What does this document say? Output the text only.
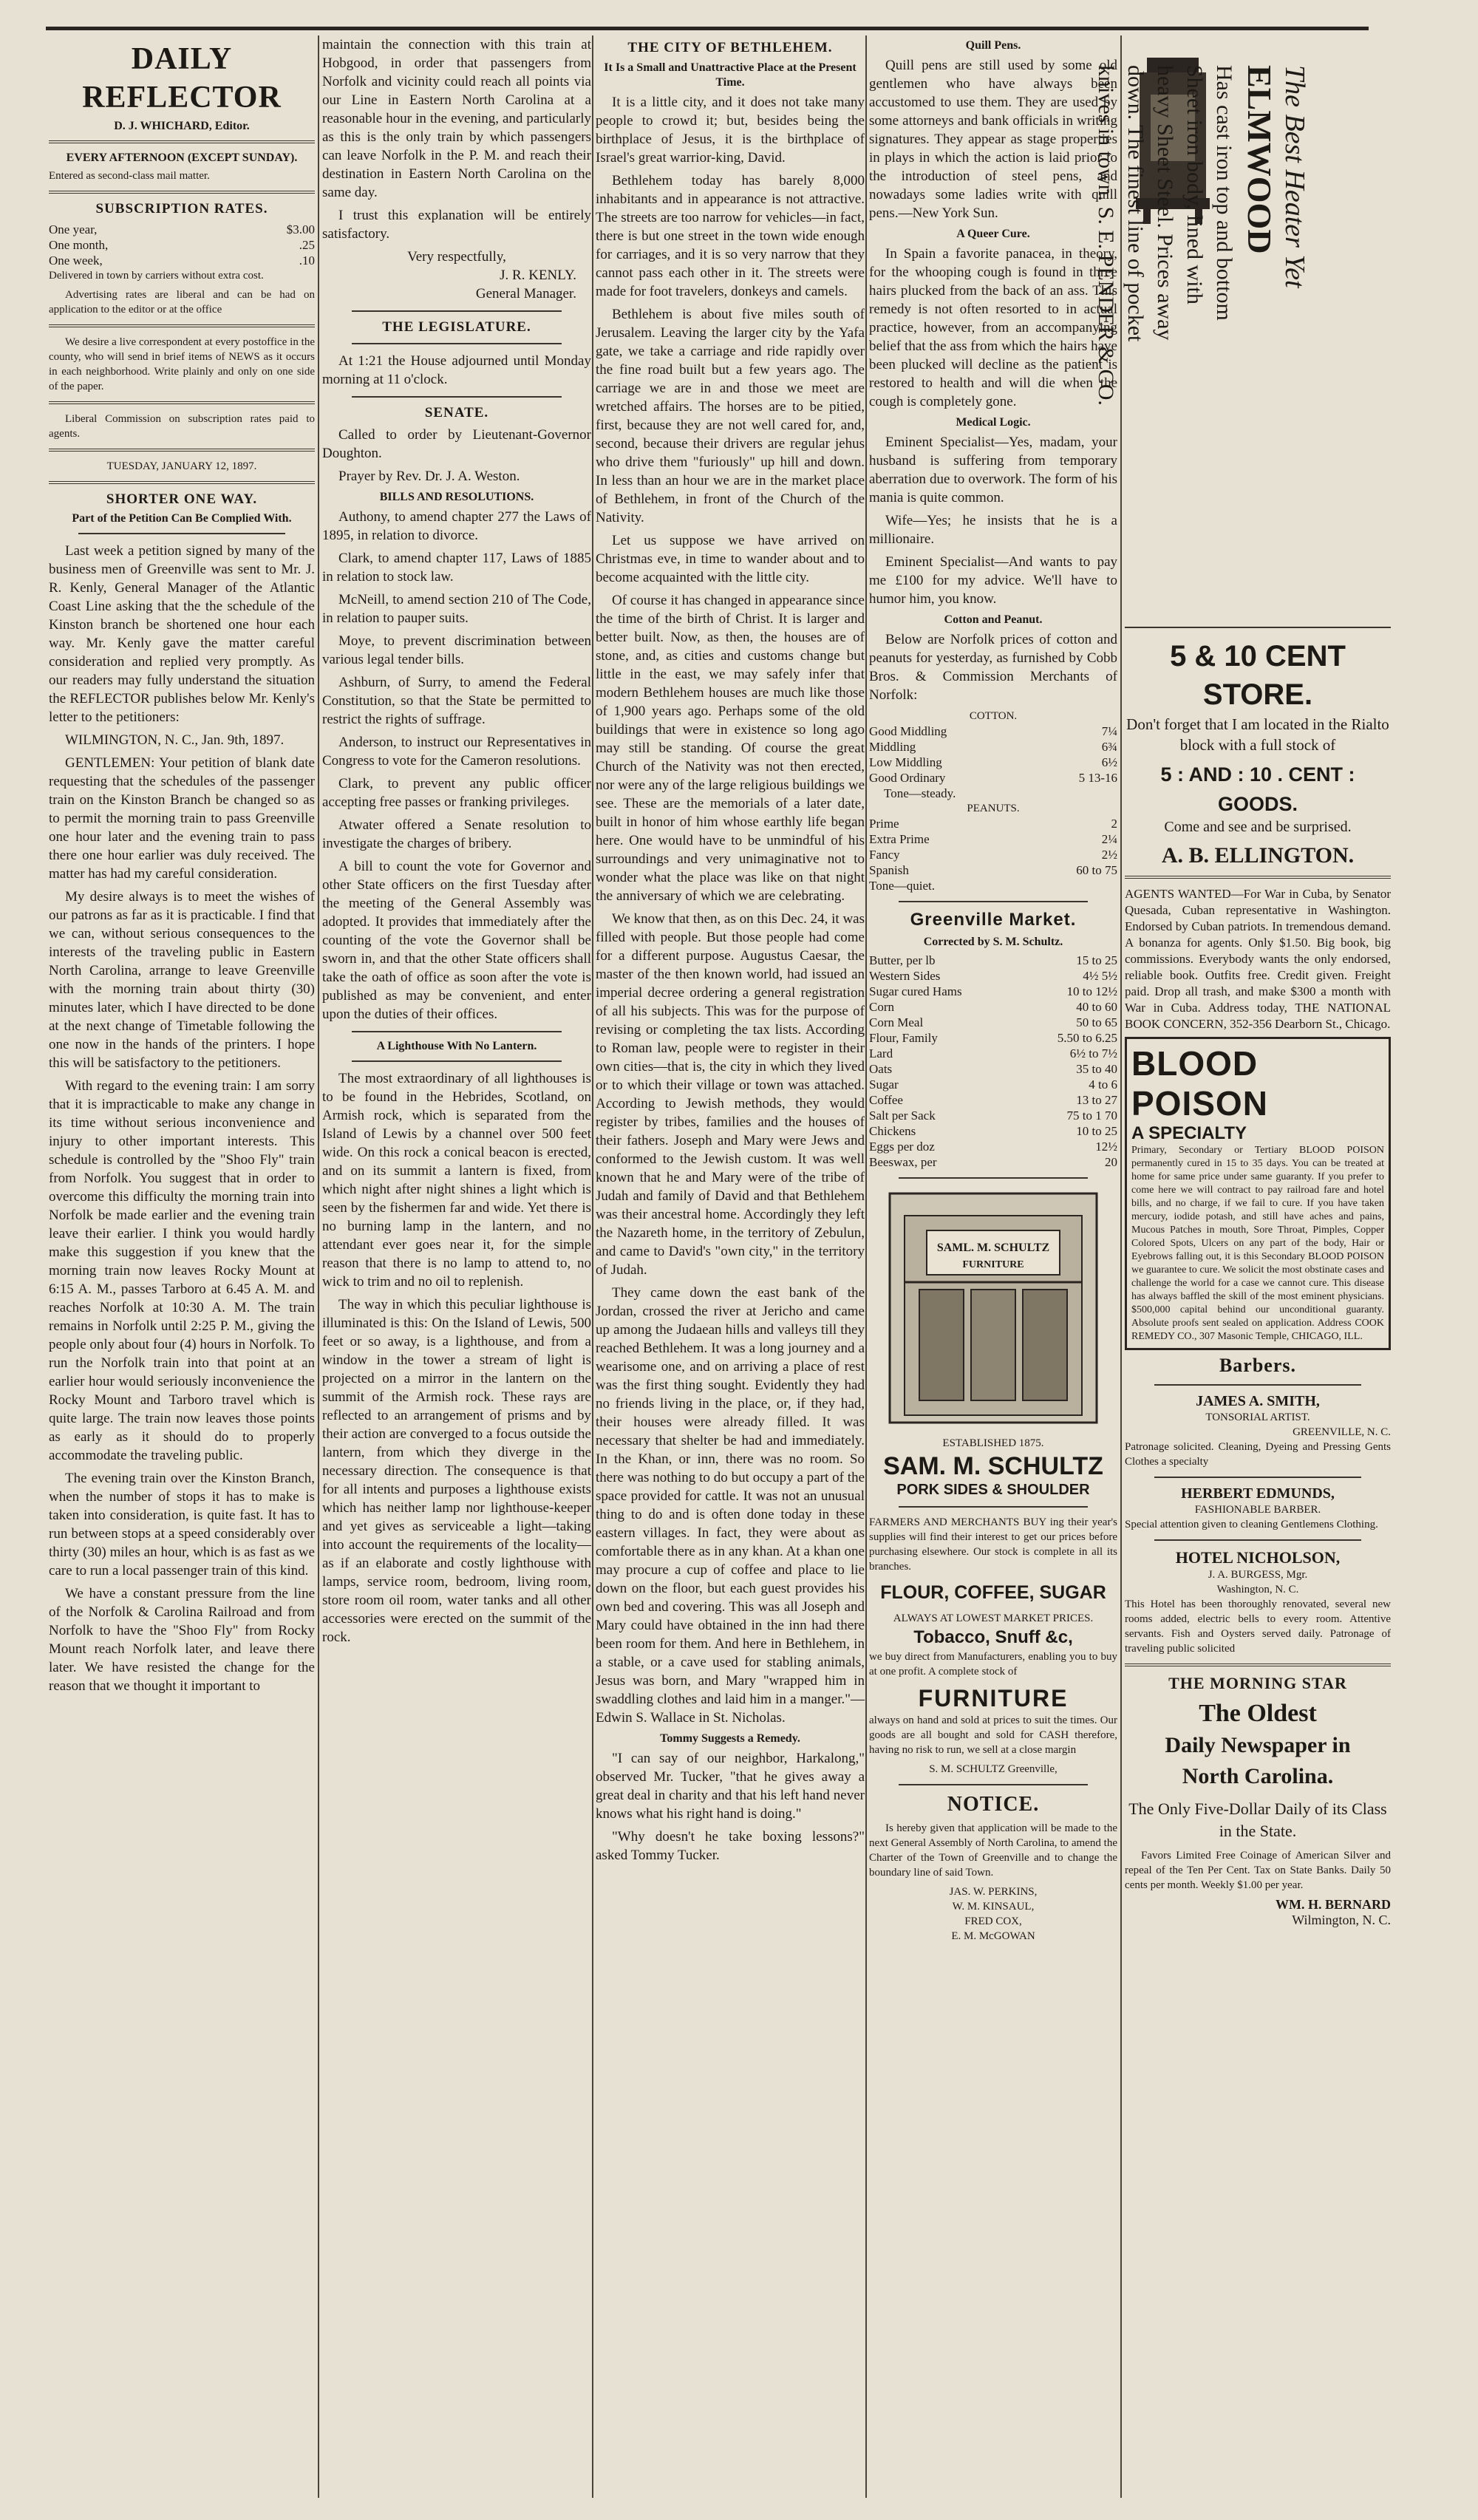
DAILY REFLECTOR
D. J. WHICHARD, Editor.
EVERY AFTERNOON (EXCEPT SUNDAY).

Entered as second-class mail matter.

SUBSCRIPTION RATES.
One year,	$3.00
One month,	.25
One week,	.10

Delivered in town by carriers without extra cost.

Advertising rates are liberal and can be had on application to the editor or at the office

We desire a live correspondent at every postoffice in the county, who will send in brief items of NEWS as it occurs in each neighborhood. Write plainly and only on one side of the paper.

Liberal Commission on subscription rates paid to agents.

TUESDAY, JANUARY 12, 1897.
SHORTER ONE WAY.
Part of the Petition Can Be Complied With.

Last week a petition signed by many of the business men of Greenville was sent to Mr. J. R. Kenly, General Manager of the Atlantic Coast Line asking that the the schedule of the Kinston branch be shortened one hour each way. Mr. Kenly gave the matter careful consideration and replied very promptly. As our readers may fully understand the situation the REFLECTOR publishes below Mr. Kenly's letter to the petitioners:

WILMINGTON, N. C., Jan. 9th, 1897.

GENTLEMEN: Your petition of blank date requesting that the schedules of the passenger train on the Kinston Branch be changed so as to permit the morning train to pass Greenville one hour later and the evening train to pass there one hour earlier was duly received. The matter has had my careful consideration.

My desire always is to meet the wishes of our patrons as far as it is practicable. I find that we can, without serious consequences to the interests of the traveling public in Eastern North Carolina, arrange to leave Greenville with the morning train about thirty (30) minutes later, which I have directed to be done at the next change of Timetable following the one now in the hands of the printers. I hope this will be satisfactory to the petitioners.

With regard to the evening train: I am sorry that it is impracticable to make any change in its time without serious inconvenience and injury to other important interests. This schedule is controlled by the "Shoo Fly" train from Norfolk. You suggest that in order to overcome this difficulty the morning train into Norfolk be made earlier and the evening train leave their earlier. I think you would hardly make this suggestion if you knew that the morning train now leaves Rocky Mount at 6:15 A. M., passes Tarboro at 6.45 A. M. and reaches Norfolk at 10:30 A. M. The train remains in Norfolk until 2:25 P. M., giving the people only about four (4) hours in Norfolk. To run the Norfolk train into that point at an earlier hour would seriously inconvenience the Rocky Mount and Tarboro travel which is quite large. The train now leaves those points as early as it should do to properly accommodate the traveling public.

The evening train over the Kinston Branch, when the number of stops it has to make is taken into consideration, is quite fast. It has to run between stops at a speed considerably over thirty (30) miles an hour, which is as fast as we care to run a local passenger train of this kind.

We have a constant pressure from the line of the Norfolk & Carolina Railroad and from Norfolk to have the "Shoo Fly" from Rocky Mount reach Norfolk later, and leave there later. We have resisted the change for the reason that we thought it important to

maintain the connection with this train at Hobgood, in order that passengers from Norfolk and vicinity could reach all points via our Line in Eastern North Carolina at a reasonable hour in the evening, and particularly as this is the only train by which passengers can leave Norfolk in the P. M. and reach their destination in Eastern North Carolina on the same day.

I trust this explanation will be entirely satisfactory.

Very respectfully,
J. R. KENLY.
General Manager.
THE LEGISLATURE.

At 1:21 the House adjourned until Monday morning at 11 o'clock.

SENATE.

Called to order by Lieutenant-Governor Doughton.

Prayer by Rev. Dr. J. A. Weston.

BILLS AND RESOLUTIONS.

Authony, to amend chapter 277 the Laws of 1895, in relation to divorce.

Clark, to amend chapter 117, Laws of 1885 in relation to stock law.

McNeill, to amend section 210 of The Code, in relation to pauper suits.

Moye, to prevent discrimination between various legal tender bills.

Ashburn, of Surry, to amend the Federal Constitution, so that the State be permitted to restrict the rights of suffrage.

Anderson, to instruct our Representatives in Congress to vote for the Cameron resolutions.

Clark, to prevent any public officer accepting free passes or franking privileges.

Atwater offered a Senate resolution to investigate the charges of bribery.

A bill to count the vote for Governor and other State officers on the first Tuesday after the meeting of the General Assembly was adopted. It provides that immediately after the counting of the vote the Governor shall be sworn in, and that the other State officers shall take the oath of office as soon after the vote is published as may be convenient, and enter upon the duties of their offices.

A Lighthouse With No Lantern.

The most extraordinary of all lighthouses is to be found in the Hebrides, Scotland, on Armish rock, which is separated from the Island of Lewis by a channel over 500 feet wide. On this rock a conical beacon is erected, and on its summit a lantern is fixed, from which night after night shines a light which is seen by the fishermen far and wide. Yet there is no burning lamp in the lantern, and no attendant ever goes near it, for the simple reason that there is no lamp to attend to, no wick to trim and no oil to replenish.

The way in which this peculiar lighthouse is illuminated is this: On the Island of Lewis, 500 feet or so away, is a lighthouse, and from a window in the tower a stream of light is projected on a mirror in the lantern on the summit of the Armish rock. These rays are reflected to an arrangement of prisms and by their action are converged to a focus outside the lantern, from which they diverge in the necessary direction. The consequence is that for all intents and purposes a lighthouse exists which has neither lamp nor lighthouse-keeper and yet gives as serviceable a light—taking into account the requirements of the locality—as if an elaborate and costly lighthouse with lamps, service room, bedroom, living room, store room oil room, water tanks and all other accessories were erected on the summit of the rock.

THE CITY OF BETHLEHEM.
It Is a Small and Unattractive Place at the Present Time.

It is a little city, and it does not take many people to crowd it; but, besides being the birthplace of Jesus, it is the birthplace of Israel's great warrior-king, David.

Bethlehem today has barely 8,000 inhabitants and in appearance is not attractive. The streets are too narrow for vehicles—in fact, there is but one street in the town wide enough for carriages, and it is so very narrow that they cannot pass each other in it. The streets were made for foot travelers, donkeys and camels.

Bethlehem is about five miles south of Jerusalem. Leaving the larger city by the Yafa gate, we take a carriage and ride rapidly over the fine road built but a few years ago. The carriage we are in and those we meet are wretched affairs. The horses are to be pitied, first, because they are not well cared for, and, second, because their drivers are regular jehus who drive them "furiously" up hill and down. In less than an hour we are in the market place of Bethlehem, in front of the Church of the Nativity.

Let us suppose we have arrived on Christmas eve, in time to wander about and to become acquainted with the little city.

Of course it has changed in appearance since the time of the birth of Christ. It is larger and better built. Now, as then, the houses are of stone, and, as cities and customs change but little in the east, we may safely infer that modern Bethlehem houses are much like those of 1,900 years ago. Perhaps some of the old buildings that were in existence so long ago may still be standing. Of course the great Church of the Nativity was not then erected, nor were any of the large religious buildings we see. These are the memorials of a later date, built in honor of him whose earthly life began here. One would have to be unmindful of his surroundings and very unimaginative not to wonder what the place was like on that night the anniversary of which we are celebrating.

We know that then, as on this Dec. 24, it was filled with people. But those people had come for a different purpose. Augustus Caesar, the master of the then known world, had issued an imperial decree ordering a general registration of all his subjects. This was for the purpose of revising or completing the tax lists. According to Roman law, people were to register in their own cities—that is, the city in which they lived or to which their village or town was attached. According to Jewish methods, they would register by tribes, families and the houses of their fathers. Joseph and Mary were Jews and conformed to the Jewish custom. It was well known that he and Mary were of the tribe of Judah and family of David and that Bethlehem was their ancestral home. Accordingly they left the Nazareth home, in the territory of Zebulun, and came to David's "own city," in the territory of Judah.

They came down the east bank of the Jordan, crossed the river at Jericho and came up among the Judaean hills and valleys till they reached Bethlehem. It was a long journey and a wearisome one, and on arriving a place of rest was the first thing sought. Evidently they had no friends living in the place, or, if they had, their houses were already filled. It was necessary that shelter be had and immediately. In the Khan, or inn, there was no room. So there was nothing to do but occupy a part of the space provided for cattle. It was not an unusual thing to do and is often done today in these eastern villages. In fact, they were about as comfortable there as in any khan. At a khan one may procure a cup of coffee and place to lie down on the floor, but each guest provides his own bed and covering. This was all Joseph and Mary could have obtained in the inn had there been room for them. And here in Bethlehem, in a stable, or a cave used for stabling animals, Jesus was born, and Mary "wrapped him in swaddling clothes and laid him in a manger."—Edwin S. Wallace in St. Nicholas.

Tommy Suggests a Remedy.

"I can say of our neighbor, Harkalong," observed Mr. Tucker, "that he gives away a great deal in charity and that his left hand never knows what his right hand is doing."

"Why doesn't he take boxing lessons?" asked Tommy Tucker.

Quill Pens.

Quill pens are still used by some old gentlemen who have always been accustomed to use them. They are used by some attorneys and bank officials in writing signatures. They appear as stage properties in plays in which the action is laid prior to the introduction of steel pens, and nowadays some ladies write with quill pens.—New York Sun.

A Queer Cure.

In Spain a favorite panacea, in theory, for the whooping cough is found in three hairs plucked from the back of an ass. This remedy is not often resorted to in actual practice, however, from an accompanying belief that the ass from which the hairs have been plucked will decline as the patient is restored to health and will die when the cough is completely gone.

Medical Logic.

Eminent Specialist—Yes, madam, your husband is suffering from temporary aberration due to overwork. The form of his mania is quite common.

Wife—Yes; he insists that he is a millionaire.

Eminent Specialist—And wants to pay me £100 for my advice. We'll have to humor him, you know.

Cotton and Peanut.

Below are Norfolk prices of cotton and peanuts for yesterday, as furnished by Cobb Bros. & Commission Merchants of Norfolk:

COTTON.
Good Middling	7¼
Middling	6¾
Low Middling	6½
Good Ordinary	5 13-16
Tone—steady.	
PEANUTS.
Prime	2
Extra Prime	2¼
Fancy	2½
Spanish	60 to 75
Tone—quiet.	
Greenville Market.
Corrected by S. M. Schultz.
Butter, per lb	15 to 25
Western Sides	4½ 5½
Sugar cured Hams	10 to 12½
Corn	40 to 60
Corn Meal	50 to 65
Flour, Family	5.50 to 6.25
Lard	6½ to 7½
Oats	35 to 40
Sugar	4 to 6
Coffee	13 to 27
Salt per Sack	75 to 1 70
Chickens	10 to 25
Eggs per doz	12½
Beeswax, per	20
SAML. M. SCHULTZ
FURNITURE
ESTABLISHED 1875.
SAM. M. SCHULTZ
PORK SIDES & SHOULDER

FARMERS AND MERCHANTS BUY ing their year's supplies will find their interest to get our prices before purchasing elsewhere. Our stock is complete in all its branches.

FLOUR, COFFEE, SUGAR
ALWAYS AT LOWEST MARKET PRICES.
Tobacco, Snuff &c,

we buy direct from Manufacturers, enabling you to buy at one profit. A complete stock of

FURNITURE

always on hand and sold at prices to suit the times. Our goods are all bought and sold for CASH therefore, having no risk to run, we sell at a close margin

S. M. SCHULTZ Greenville,
NOTICE.

Is hereby given that application will be made to the next General Assembly of North Carolina, to amend the Charter of the Town of Greenville and to change the boundary line of said Town.

JAS. W. PERKINS,
W. M. KINSAUL,
FRED COX,
E. M. McGOWAN
The Best Heater Yet
ELMWOOD
Has cast iron top and bottom
Sheet iron body, lined with
heavy Sheet Steel. Prices away
down. The finest line of pocket
knives in town. S. E. PENDER & CO.
5 & 10 CENT STORE.

Don't forget that I am located in the Rialto block with a full stock of

5 : AND : 10 . CENT : GOODS.
Come and see and be surprised.
A. B. ELLINGTON.

AGENTS WANTED—For War in Cuba, by Senator Quesada, Cuban representative in Washington. Endorsed by Cuban patriots. In tremendous demand. A bonanza for agents. Only $1.50. Big book, big commissions. Everybody wants the only endorsed, reliable book. Outfits free. Credit given. Freight paid. Drop all trash, and make $300 a month with War in Cuba. Address today, THE NATIONAL BOOK CONCERN, 352-356 Dearborn St., Chicago.

BLOOD POISON
A SPECIALTY
Primary, Secondary or Tertiary BLOOD POISON permanently cured in 15 to 35 days. You can be treated at home for same price under same guaranty. If you prefer to come here we will contract to pay railroad fare and hotel bills, and no charge, if we fail to cure. If you have taken mercury, iodide potash, and still have aches and pains, Mucous Patches in mouth, Sore Throat, Pimples, Copper Colored Spots, Ulcers on any part of the body, Hair or Eyebrows falling out, it is this Secondary BLOOD POISON we guarantee to cure. We solicit the most obstinate cases and challenge the world for a case we cannot cure. This disease has always baffled the skill of the most eminent physicians. $500,000 capital behind our unconditional guaranty. Absolute proofs sent sealed on application. Address COOK REMEDY CO., 307 Masonic Temple, CHICAGO, ILL.
Barbers.
JAMES A. SMITH,
TONSORIAL ARTIST.
GREENVILLE, N. C.

Patronage solicited. Cleaning, Dyeing and Pressing Gents Clothes a specialty

HERBERT EDMUNDS,
FASHIONABLE BARBER.

Special attention given to cleaning Gentlemens Clothing.

HOTEL NICHOLSON,
J. A. BURGESS, Mgr.
Washington, N. C.

This Hotel has been thoroughly renovated, several new rooms added, electric bells to every room. Attentive servants. Fish and Oysters served daily. Patronage of traveling public solicited

THE MORNING STAR
The Oldest
Daily Newspaper in
North Carolina.
The Only Five-Dollar Daily of its Class in the State.

Favors Limited Free Coinage of American Silver and repeal of the Ten Per Cent. Tax on State Banks. Daily 50 cents per month. Weekly $1.00 per year.

WM. H. BERNARD
Wilmington, N. C.
